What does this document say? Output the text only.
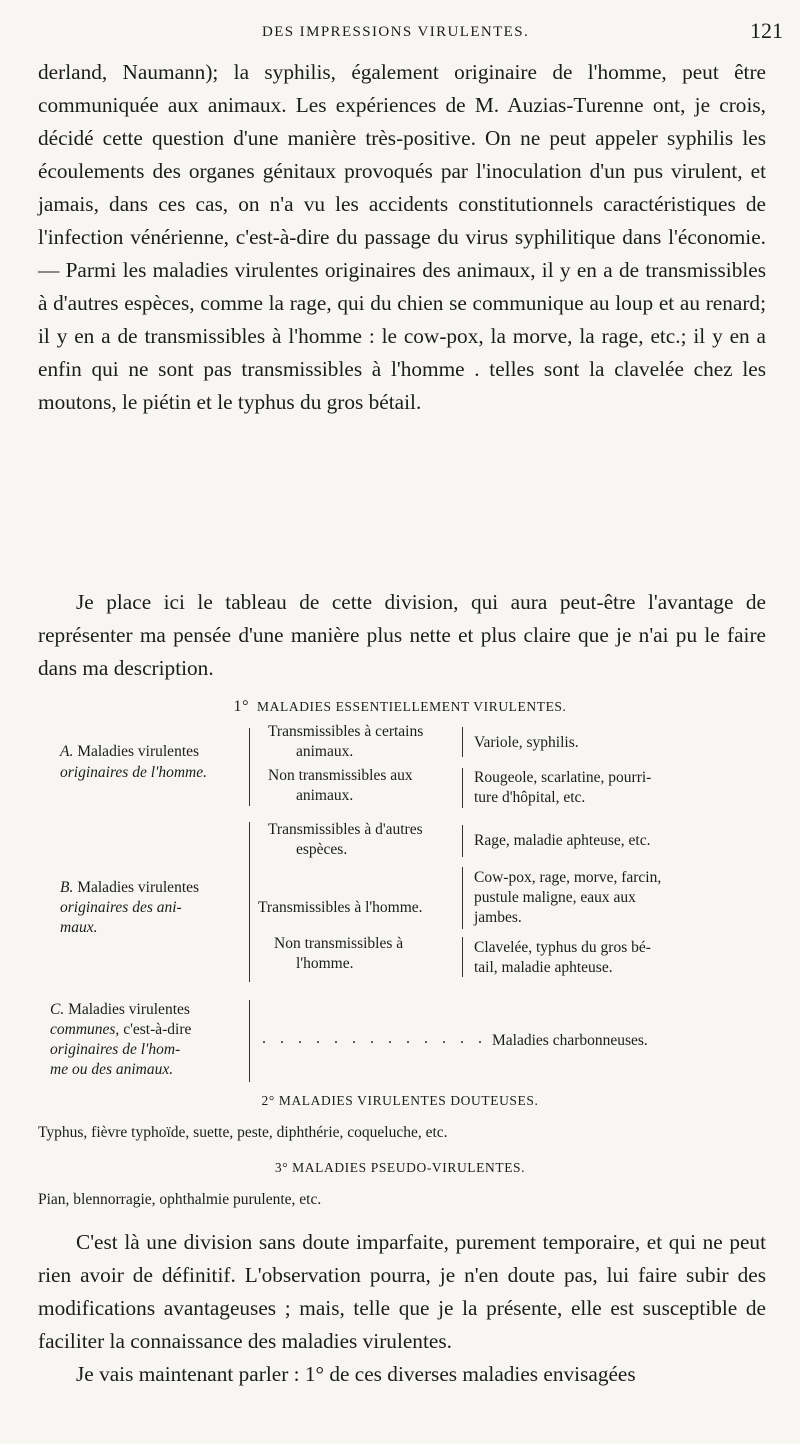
DES IMPRESSIONS VIRULENTES.	121

derland, Naumann); la syphilis, également originaire de l'homme, peut être communiquée aux animaux. Les expériences de M. Auzias-Turenne ont, je crois, décidé cette question d'une manière très-positive. On ne peut appeler syphilis les écoulements des organes génitaux provoqués par l'inoculation d'un pus virulent, et jamais, dans ces cas, on n'a vu les accidents constitutionnels caractéristiques de l'infection vénérienne, c'est-à-dire du passage du virus syphilitique dans l'économie.— Parmi les maladies virulentes originaires des animaux, il y en a de transmissibles à d'autres espèces, comme la rage, qui du chien se communique au loup et au renard; il y en a de transmissibles à l'homme : le cow-pox, la morve, la rage, etc.; il y en a enfin qui ne sont pas transmissibles à l'homme . telles sont la clavelée chez les moutons, le piétin et le typhus du gros bétail.

Je place ici le tableau de cette division, qui aura peut-être l'avantage de représenter ma pensée d'une manière plus nette et plus claire que je n'ai pu le faire dans ma description.

1° MALADIES ESSENTIELLEMENT VIRULENTES.
A. Maladies virulentes
originaires de l'homme.
Transmissibles à certains
animaux.
Variole, syphilis.
Non transmissibles aux
animaux.
Rougeole, scarlatine, pourri-
ture d'hôpital, etc.
B. Maladies virulentes
originaires des ani-
maux.
Transmissibles à d'autres
espèces.
Rage, maladie aphteuse, etc.
Transmissibles à l'homme.
Cow-pox, rage, morve, farcin,
pustule maligne, eaux aux
jambes.
Non transmissibles à
l'homme.
Clavelée, typhus du gros bé-
tail, maladie aphteuse.
C. Maladies virulentes
communes, c'est-à-dire
originaires de l'hom-
me ou des animaux.
. . . . . . . . . . . . . Maladies charbonneuses.
2° MALADIES VIRULENTES DOUTEUSES.
Typhus, fièvre typhoïde, suette, peste, diphthérie, coqueluche, etc.
3° MALADIES PSEUDO-VIRULENTES.
Pian, blennorragie, ophthalmie purulente, etc.

C'est là une division sans doute imparfaite, purement temporaire, et qui ne peut rien avoir de définitif. L'observation pourra, je n'en doute pas, lui faire subir des modifications avantageuses ; mais, telle que je la présente, elle est susceptible de faciliter la connaissance des maladies virulentes.

Je vais maintenant parler : 1° de ces diverses maladies envisagées
